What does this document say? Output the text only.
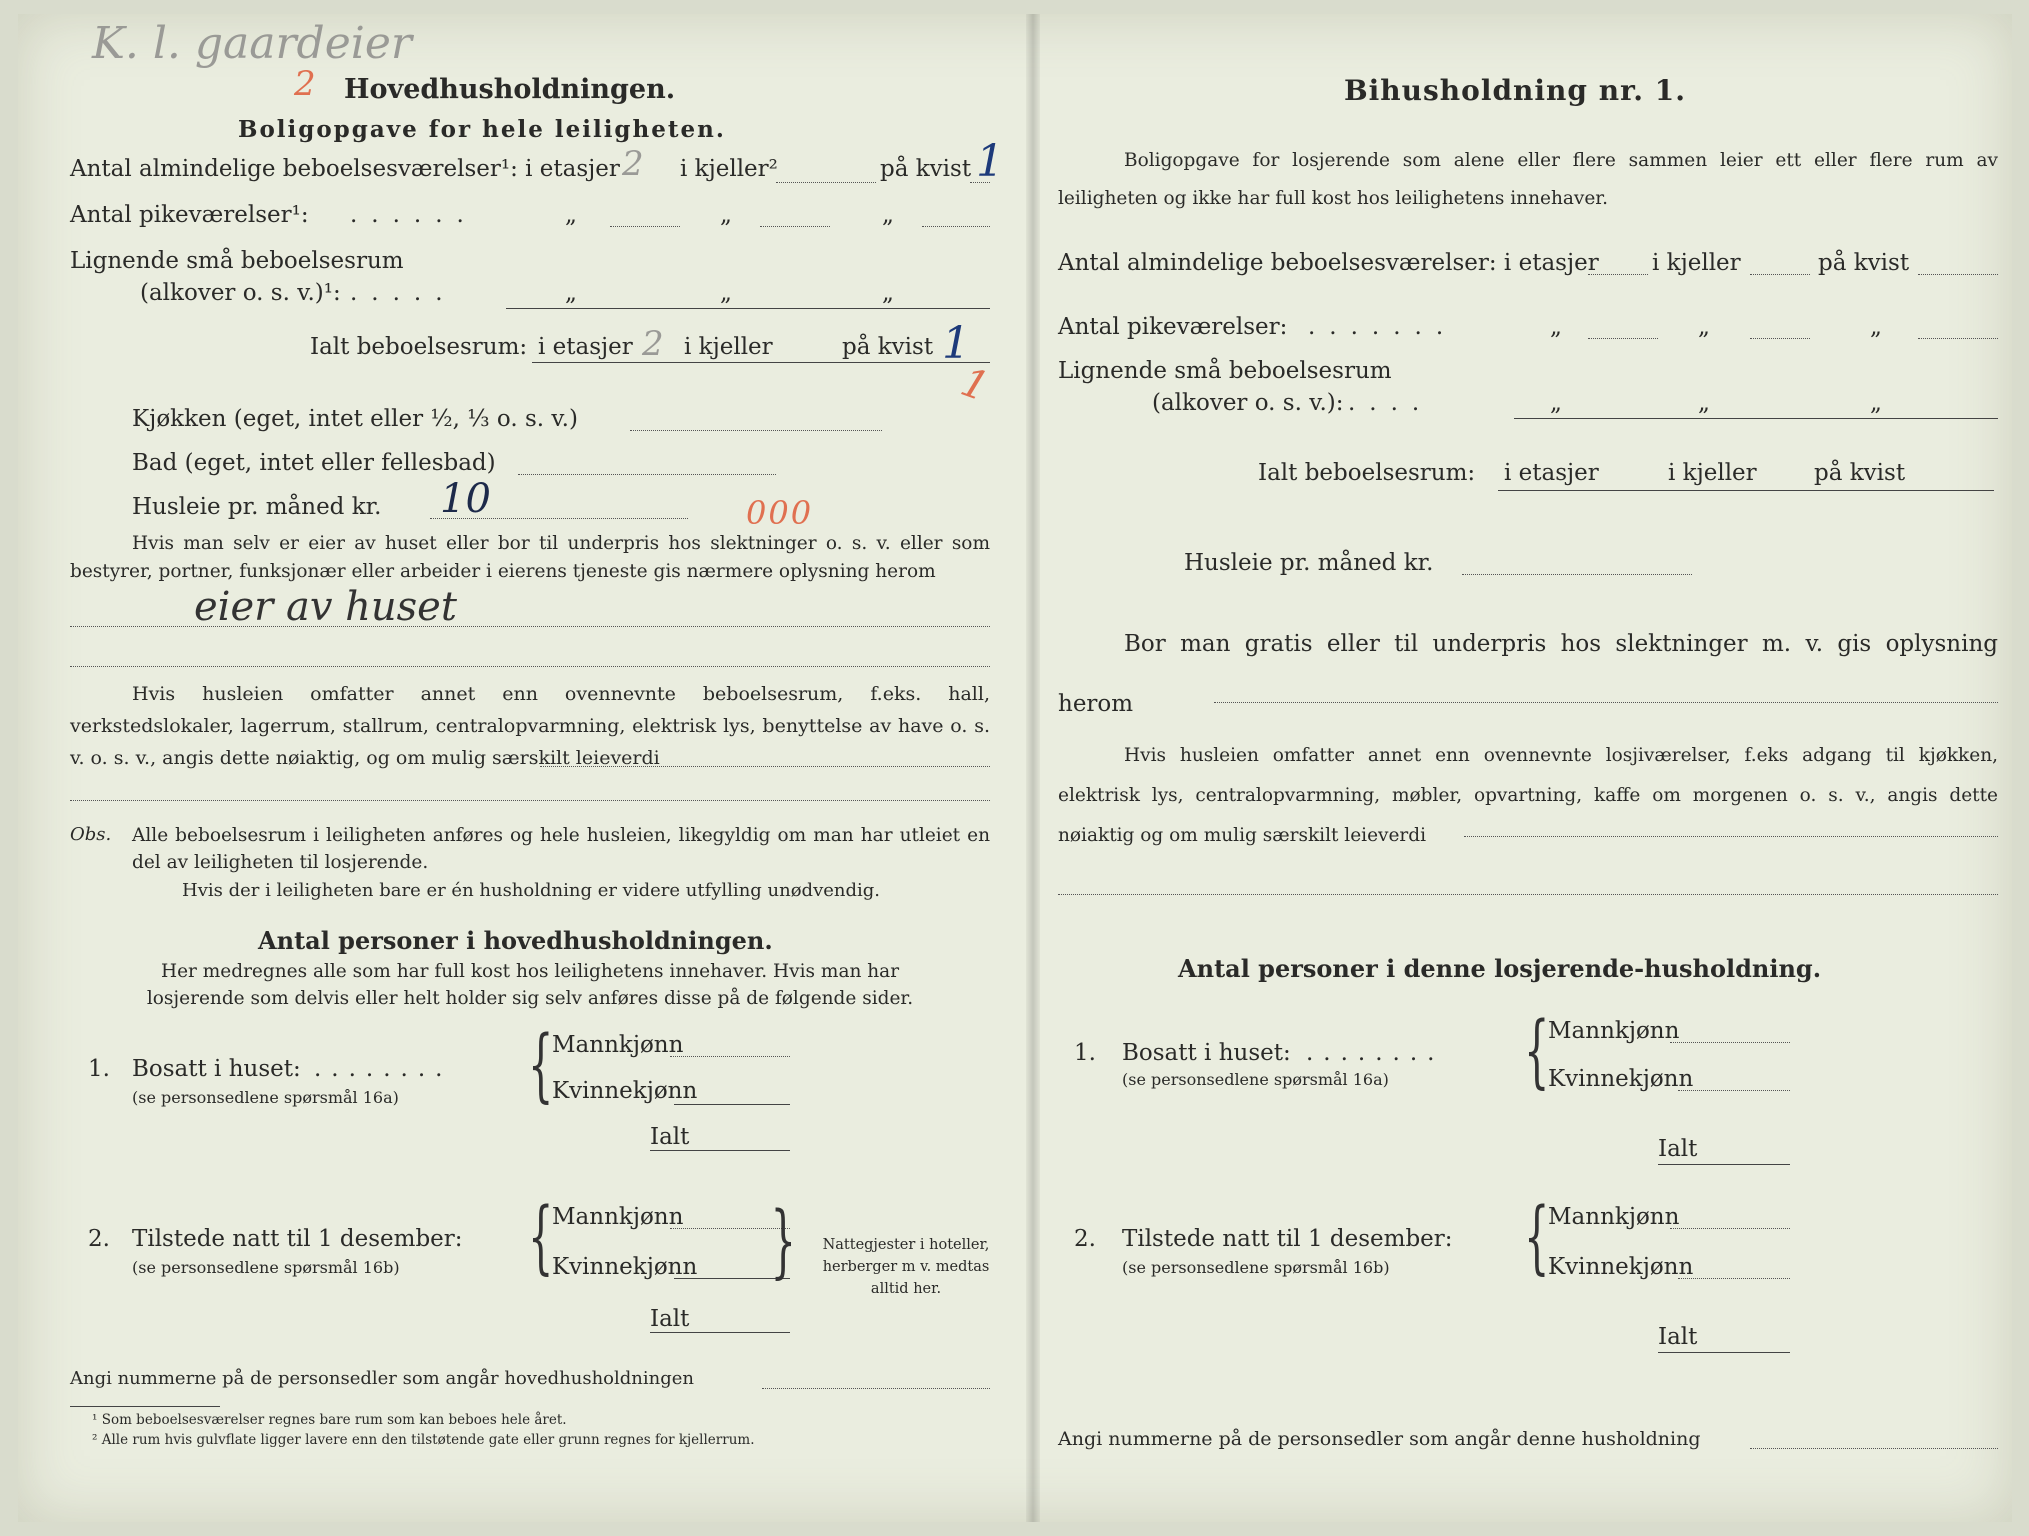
K. l. gaardeier
2 Hovedhusholdningen.
Boligopgave for hele leiligheten.
Antal almindelige beboelsesværelser¹: i etasjer 2 i kjeller²	på kvist 1
Antal pikeværelser¹: ......	„	„	„
Lignende små beboelsesrum
(alkover o. s. v.)¹: .....	„	„	„
Ialt beboelsesrum: i etasjer 2 i kjeller	på kvist 1
1
Kjøkken (eget, intet eller ½, ⅓ o. s. v.)
Bad (eget, intet eller fellesbad)
Husleie pr. måned kr. 10	000
Hvis man selv er eier av huset eller bor til underpris hos slektninger o. s. v. eller som bestyrer, portner, funksjonær eller arbeider i eierens tjeneste gis nærmere oplysning herom
eier av huset
Hvis husleien omfatter annet enn ovennevnte beboelsesrum, f.eks. hall, verkstedslokaler, lagerrum, stallrum, centralopvarmning, elektrisk lys, benyttelse av have o. s. v. o. s. v., angis dette nøiaktig, og om mulig særskilt leieverdi
Obs. Alle beboelsesrum i leiligheten anføres og hele husleien, likegyldig om man har utleiet en del av leiligheten til losjerende.
Hvis der i leiligheten bare er én husholdning er videre utfylling unødvendig.
Antal personer i hovedhusholdningen.
Her medregnes alle som har full kost hos leilighetens innehaver. Hvis man har losjerende som delvis eller helt holder sig selv anføres disse på de følgende sider.
1. Bosatt i huset: ........
(se personsedlene spørsmål 16a) {
Mannkjønn
Kvinnekjønn
Ialt
2. Tilstede natt til 1 desember:
(se personsedlene spørsmål 16b) {
Mannkjønn
Kvinnekjønn
Ialt
{ Nattegjester i hoteller, herberger m v. medtas alltid her.
Angi nummerne på de personsedler som angår hovedhusholdningen
¹ Som beboelsesværelser regnes bare rum som kan beboes hele året.
² Alle rum hvis gulvflate ligger lavere enn den tilstøtende gate eller grunn regnes for kjellerrum.
Bihusholdning nr. 1.
Boligopgave for losjerende som alene eller flere sammen leier ett eller flere rum av leiligheten og ikke har full kost hos leilighetens innehaver.
Antal almindelige beboelsesværelser: i etasjer i kjeller	på kvist
Antal pikeværelser: .......	„	„	„
Lignende små beboelsesrum
(alkover o. s. v.): ....	„	„	„
Ialt beboelsesrum: i etasjer	i kjeller på kvist
Husleie pr. måned kr.
Bor man gratis eller til underpris hos slektninger m. v. gis oplysning herom
Hvis husleien omfatter annet enn ovennevnte losjiværelser, f.eks adgang til kjøkken, elektrisk lys, centralopvarmning, møbler, opvartning, kaffe om morgenen o. s. v., angis dette nøiaktig og om mulig særskilt leieverdi
Antal personer i denne losjerende-husholdning.
1. Bosatt i huset: ........
(se personsedlene spørsmål 16a) {
Mannkjønn
Kvinnekjønn
Ialt
2. Tilstede natt til 1 desember:
(se personsedlene spørsmål 16b) {
Mannkjønn
Kvinnekjønn
Ialt
Angi nummerne på de personsedler som angår denne husholdning
